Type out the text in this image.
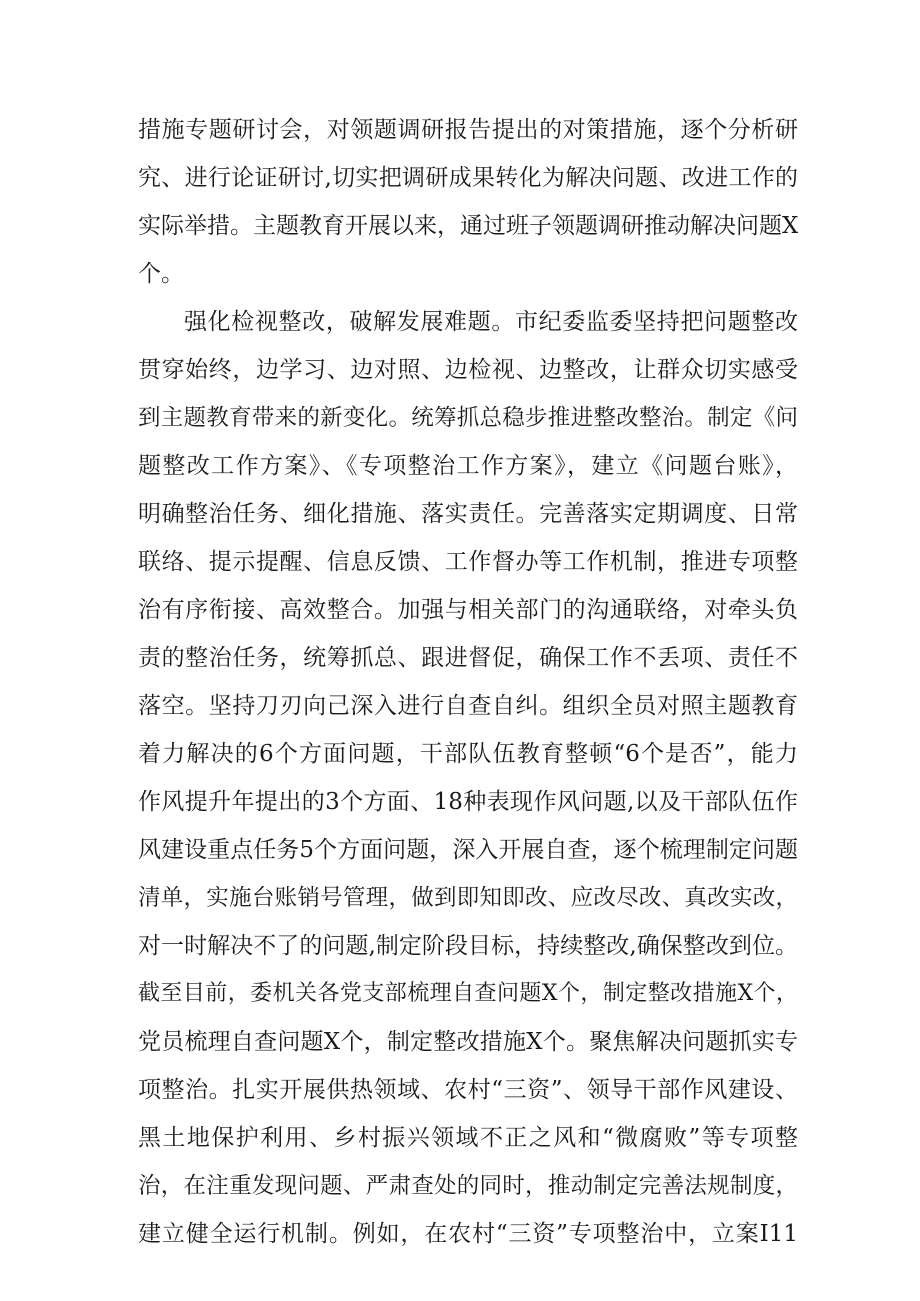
措施专题研讨会，对领题调研报告提出的对策措施，逐个分析研

究、进行论证研讨,切实把调研成果转化为解决问题、改进工作的

实际举措。主题教育开展以来，通过班子领题调研推动解决问题X

个。

强化检视整改，破解发展难题。市纪委监委坚持把问题整改

贯穿始终，边学习、边对照、边检视、边整改，让群众切实感受

到主题教育带来的新变化。统筹抓总稳步推进整改整治。制定《问

题整改工作方案》、《专项整治工作方案》，建立《问题台账》，

明确整治任务、细化措施、落实责任。完善落实定期调度、日常

联络、提示提醒、信息反馈、工作督办等工作机制，推进专项整

治有序衔接、高效整合。加强与相关部门的沟通联络，对牵头负

责的整治任务，统筹抓总、跟进督促，确保工作不丢项、责任不

落空。坚持刀刃向己深入进行自查自纠。组织全员对照主题教育

着力解决的6个方面问题，干部队伍教育整顿“6个是否”，能力

作风提升年提出的3个方面、18种表现作风问题,以及干部队伍作

风建设重点任务5个方面问题，深入开展自查，逐个梳理制定问题

清单，实施台账销号管理，做到即知即改、应改尽改、真改实改，

对一时解决不了的问题,制定阶段目标，持续整改,确保整改到位。

截至目前，委机关各党支部梳理自查问题X个，制定整改措施X个，

党员梳理自查问题X个，制定整改措施X个。聚焦解决问题抓实专

项整治。扎实开展供热领域、农村“三资”、领导干部作风建设、

黑土地保护利用、乡村振兴领域不正之风和“微腐败”等专项整

治，在注重发现问题、严肃查处的同时，推动制定完善法规制度，

建立健全运行机制。例如，在农村“三资”专项整治中，立案I11
